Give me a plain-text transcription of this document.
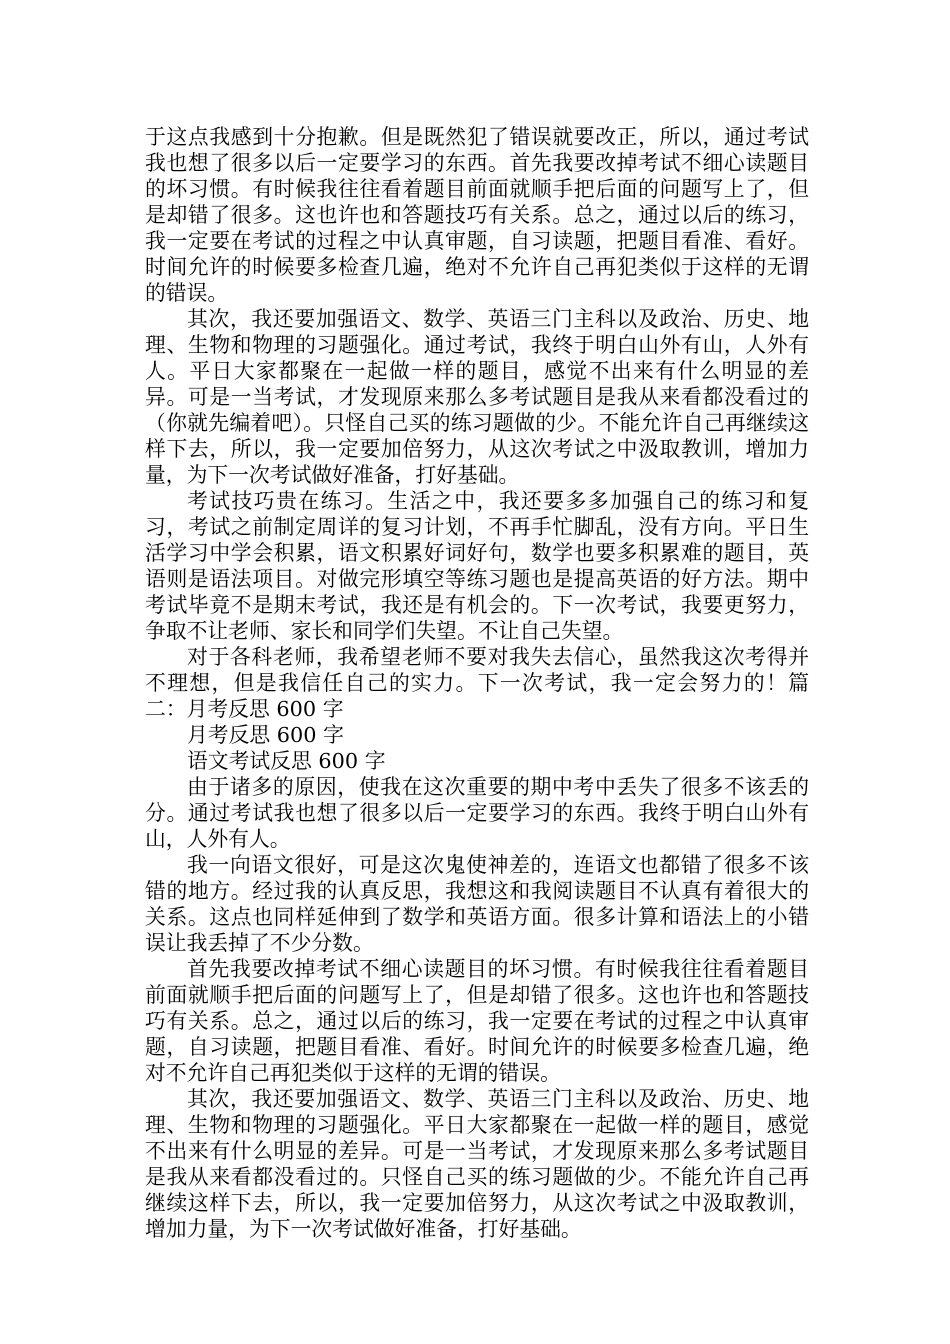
于这点我感到十分抱歉。但是既然犯了错误就要改正，所以，通过考试我也想了很多以后一定要学习的东西。首先我要改掉考试不细心读题目的坏习惯。有时候我往往看着题目前面就顺手把后面的问题写上了，但是却错了很多。这也许也和答题技巧有关系。总之，通过以后的练习，我一定要在考试的过程之中认真审题，自习读题，把题目看准、看好。时间允许的时候要多检查几遍，绝对不允许自己再犯类似于这样的无谓的错误。

其次，我还要加强语文、数学、英语三门主科以及政治、历史、地理、生物和物理的习题强化。通过考试，我终于明白山外有山，人外有人。平日大家都聚在一起做一样的题目，感觉不出来有什么明显的差异。可是一当考试，才发现原来那么多考试题目是我从来看都没看过的（你就先编着吧）。只怪自己买的练习题做的少。不能允许自己再继续这样下去，所以，我一定要加倍努力，从这次考试之中汲取教训，增加力量，为下一次考试做好准备，打好基础。

考试技巧贵在练习。生活之中，我还要多多加强自己的练习和复习，考试之前制定周详的复习计划，不再手忙脚乱，没有方向。平日生活学习中学会积累，语文积累好词好句，数学也要多积累难的题目，英语则是语法项目。对做完形填空等练习题也是提高英语的好方法。期中考试毕竟不是期末考试，我还是有机会的。下一次考试，我要更努力，争取不让老师、家长和同学们失望。不让自己失望。

对于各科老师，我希望老师不要对我失去信心，虽然我这次考得并不理想，但是我信任自己的实力。下一次考试，我一定会努力的！篇二：月考反思 600 字

月考反思 600 字

语文考试反思 600 字

由于诸多的原因，使我在这次重要的期中考中丢失了很多不该丢的分。通过考试我也想了很多以后一定要学习的东西。我终于明白山外有山，人外有人。

我一向语文很好，可是这次鬼使神差的，连语文也都错了很多不该错的地方。经过我的认真反思，我想这和我阅读题目不认真有着很大的关系。这点也同样延伸到了数学和英语方面。很多计算和语法上的小错误让我丢掉了不少分数。

首先我要改掉考试不细心读题目的坏习惯。有时候我往往看着题目前面就顺手把后面的问题写上了，但是却错了很多。这也许也和答题技巧有关系。总之，通过以后的练习，我一定要在考试的过程之中认真审题，自习读题，把题目看准、看好。时间允许的时候要多检查几遍，绝对不允许自己再犯类似于这样的无谓的错误。

其次，我还要加强语文、数学、英语三门主科以及政治、历史、地理、生物和物理的习题强化。平日大家都聚在一起做一样的题目，感觉不出来有什么明显的差异。可是一当考试，才发现原来那么多考试题目是我从来看都没看过的。只怪自己买的练习题做的少。不能允许自己再继续这样下去，所以，我一定要加倍努力，从这次考试之中汲取教训，增加力量，为下一次考试做好准备，打好基础。
